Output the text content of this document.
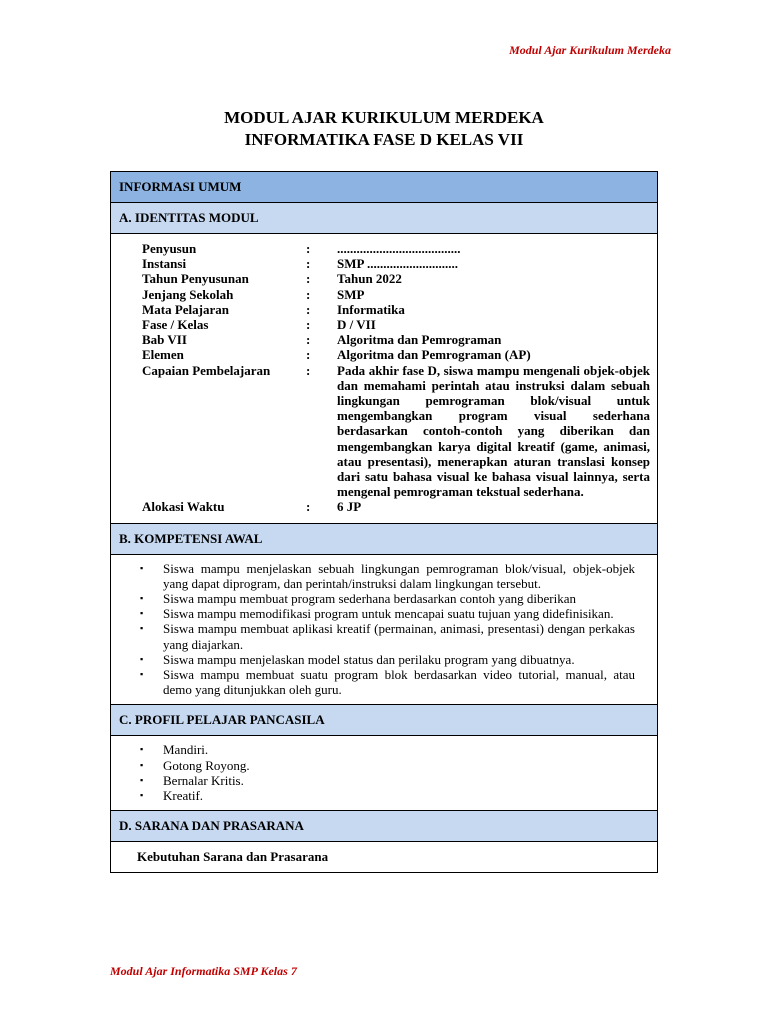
Modul Ajar Kurikulum Merdeka
MODUL AJAR KURIKULUM MERDEKA
INFORMATIKA FASE D KELAS VII
INFORMASI UMUM
A. IDENTITAS MODUL
Penyusun	:	......................................
Instansi	:	SMP ............................
Tahun Penyusunan	:	Tahun 2022
Jenjang Sekolah	:	SMP
Mata Pelajaran	:	Informatika
Fase / Kelas	:	D / VII
Bab VII	:	Algoritma dan Pemrograman
Elemen	:	Algoritma dan Pemrograman (AP)
Capaian Pembelajaran	:	Pada akhir fase D, siswa mampu mengenali objek-objek dan memahami perintah atau instruksi dalam sebuah lingkungan pemrograman blok/visual untuk mengembangkan program visual sederhana berdasarkan contoh-contoh yang diberikan dan mengembangkan karya digital kreatif (game, animasi, atau presentasi), menerapkan aturan translasi konsep dari satu bahasa visual ke bahasa visual lainnya, serta mengenal pemrograman tekstual sederhana.
Alokasi Waktu	:	6 JP
B. KOMPETENSI AWAL
▪	Siswa mampu menjelaskan sebuah lingkungan pemrograman blok/visual, objek-objek yang dapat diprogram, dan perintah/instruksi dalam lingkungan tersebut.
▪	Siswa mampu membuat program sederhana berdasarkan contoh yang diberikan
▪	Siswa mampu memodifikasi program untuk mencapai suatu tujuan yang didefinisikan.
▪	Siswa mampu membuat aplikasi kreatif (permainan, animasi, presentasi) dengan perkakas yang diajarkan.
▪	Siswa mampu menjelaskan model status dan perilaku program yang dibuatnya.
▪	Siswa mampu membuat suatu program blok berdasarkan video tutorial, manual, atau demo yang ditunjukkan oleh guru.
C. PROFIL PELAJAR PANCASILA
▪	Mandiri.
▪	Gotong Royong.
▪	Bernalar Kritis.
▪	Kreatif.
D. SARANA DAN PRASARANA
Kebutuhan Sarana dan Prasarana
Modul Ajar Informatika SMP Kelas 7
